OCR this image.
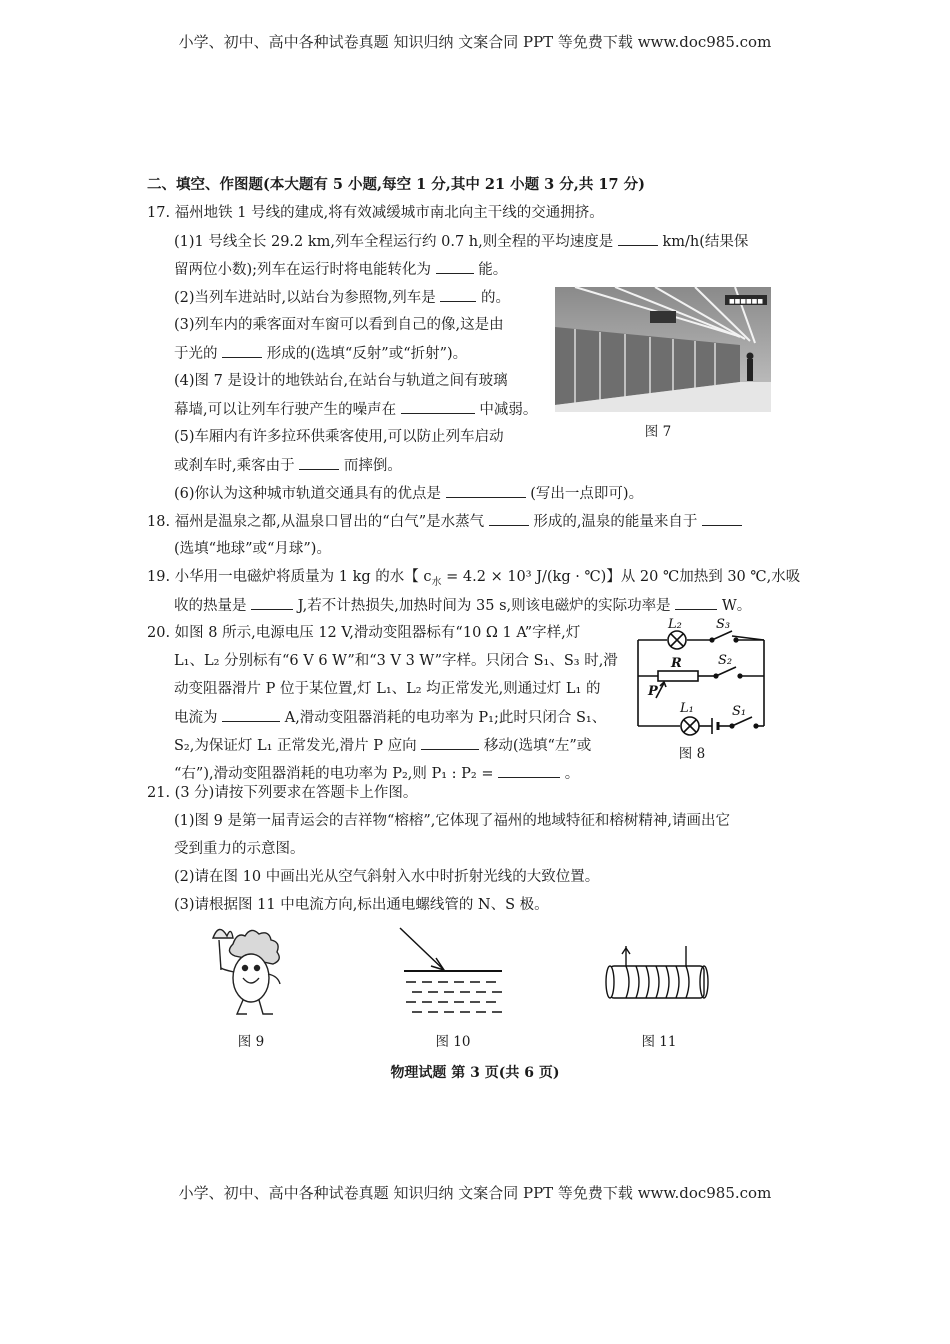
小学、初中、高中各种试卷真题 知识归纳 文案合同 PPT 等免费下载 www.doc985.com
二、填空、作图题(本大题有 5 小题,每空 1 分,其中 21 小题 3 分,共 17 分)
17. 福州地铁 1 号线的建成,将有效减缓城市南北向主干线的交通拥挤。
(1)1 号线全长 29.2 km,列车全程运行约 0.7 h,则全程的平均速度是	km/h(结果保
留两位小数);列车在运行时将电能转化为	能。
(2)当列车进站时,以站台为参照物,列车是	的。
(3)列车内的乘客面对车窗可以看到自己的像,这是由
于光的	形成的(选填“反射”或“折射”)。
(4)图 7 是设计的地铁站台,在站台与轨道之间有玻璃
幕墙,可以让列车行驶产生的噪声在	中减弱。
(5)车厢内有许多拉环供乘客使用,可以防止列车启动
或刹车时,乘客由于	而摔倒。
(6)你认为这种城市轨道交通具有的优点是	(写出一点即可)。
■■■■■■
图 7
18. 福州是温泉之都,从温泉口冒出的“白气”是水蒸气	形成的,温泉的能量来自于
(选填“地球”或“月球”)。
19. 小华用一电磁炉将质量为 1 kg 的水【 $c_水 = 4.2 \times 10^3$ J/(kg · ℃)】从 20 ℃加热到 30 ℃,水吸
收的热量是	J,若不计热损失,加热时间为 35 s,则该电磁炉的实际功率是	W。
20. 如图 8 所示,电源电压 12 V,滑动变阻器标有“10 Ω 1 A”字样,灯
L₁、L₂ 分别标有“6 V 6 W”和“3 V 3 W”字样。只闭合 S₁、S₃ 时,滑
动变阻器滑片 P 位于某位置,灯 L₁、L₂ 均正常发光,则通过灯 L₁ 的
电流为	A,滑动变阻器消耗的电功率为 P₁;此时只闭合 S₁、
S₂,为保证灯 L₁ 正常发光,滑片 P 应向	移动(选填“左”或
“右”),滑动变阻器消耗的电功率为 P₂,则 P₁ : P₂ =	。
L₂	S₃
R	S₂
P
L₁	S₁
图 8
21. (3 分)请按下列要求在答题卡上作图。
(1)图 9 是第一届青运会的吉祥物“榕榕”,它体现了福州的地域特征和榕树精神,请画出它
受到重力的示意图。
(2)请在图 10 中画出光从空气斜射入水中时折射光线的大致位置。
(3)请根据图 11 中电流方向,标出通电螺线管的 N、S 极。
图 9	图 10	图 11
物理试题 第 3 页(共 6 页)
小学、初中、高中各种试卷真题 知识归纳 文案合同 PPT 等免费下载 www.doc985.com
